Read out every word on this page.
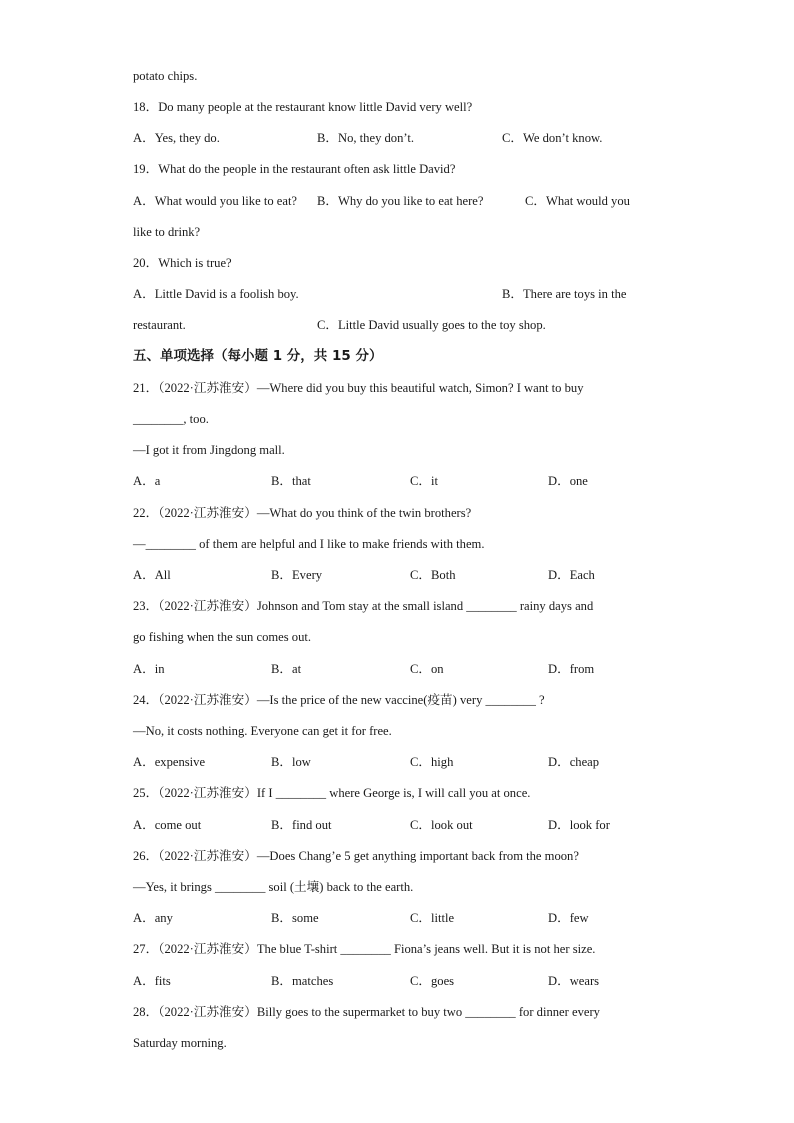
potato chips.
18．Do many people at the restaurant know little David very well?
A．Yes, they do.	B．No, they don’t.	C．We don’t know.
19．What do the people in the restaurant often ask little David?
A．What would you like to eat? B．Why do you like to eat here?	C．What would you
like to drink?
20．Which is true?
A．Little David is a foolish boy.	B．There are toys in the
restaurant.	C．Little David usually goes to the toy shop.
五、单项选择（每小题 1 分，共 15 分）
21．（2022·江苏淮安）—Where did you buy this beautiful watch, Simon? I want to buy
________, too.
—I got it from Jingdong mall.
A．a	B．that	C．it	D．one
22．（2022·江苏淮安）—What do you think of the twin brothers?
—________ of them are helpful and I like to make friends with them.
A．All	B．Every	C．Both	D．Each
23．（2022·江苏淮安）Johnson and Tom stay at the small island ________ rainy days and
go fishing when the sun comes out.
A．in	B．at	C．on	D．from
24．（2022·江苏淮安）—Is the price of the new vaccine(疫苗) very ________ ?
—No, it costs nothing. Everyone can get it for free.
A．expensive	B．low	C．high	D．cheap
25．（2022·江苏淮安）If I ________ where George is, I will call you at once.
A．come out	B．find out	C．look out	D．look for
26．（2022·江苏淮安）—Does Chang’e 5 get anything important back from the moon?
—Yes, it brings ________ soil (土壤) back to the earth.
A．any	B．some	C．little	D．few
27．（2022·江苏淮安）The blue T-shirt ________ Fiona’s jeans well. But it is not her size.
A．fits	B．matches	C．goes	D．wears
28．（2022·江苏淮安）Billy goes to the supermarket to buy two ________ for dinner every
Saturday morning.
